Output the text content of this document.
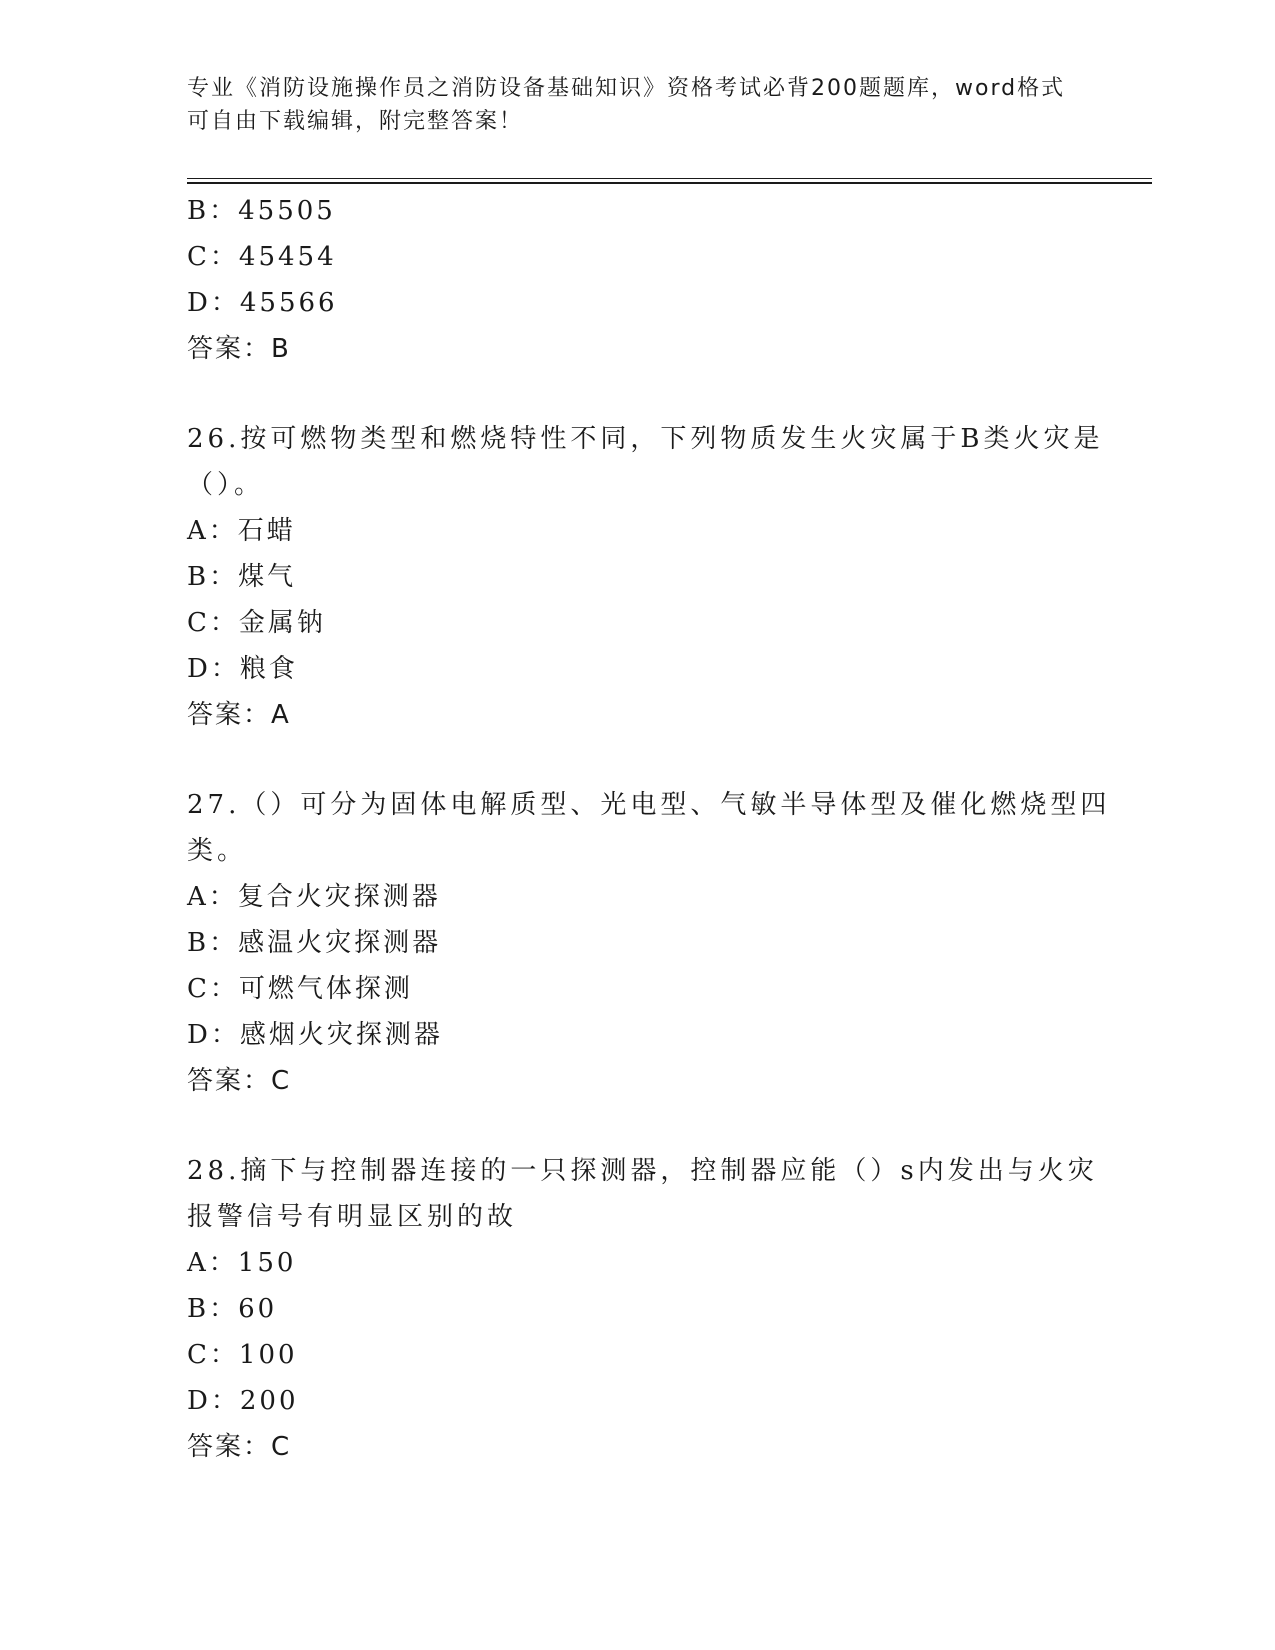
专业《消防设施操作员之消防设备基础知识》资格考试必背200题题库，word格式可自由下载编辑，附完整答案！
B：45505
C：45454
D：45566
答案：B
26.按可燃物类型和燃烧特性不同，下列物质发生火灾属于B类火灾是
（）。
A：石蜡
B：煤气
C：金属钠
D：粮食
答案：A
27.（）可分为固体电解质型、光电型、气敏半导体型及催化燃烧型四
类。
A：复合火灾探测器
B：感温火灾探测器
C：可燃气体探测
D：感烟火灾探测器
答案：C
28.摘下与控制器连接的一只探测器，控制器应能（）s内发出与火灾
报警信号有明显区别的故
A：150
B：60
C：100
D：200
答案：C
